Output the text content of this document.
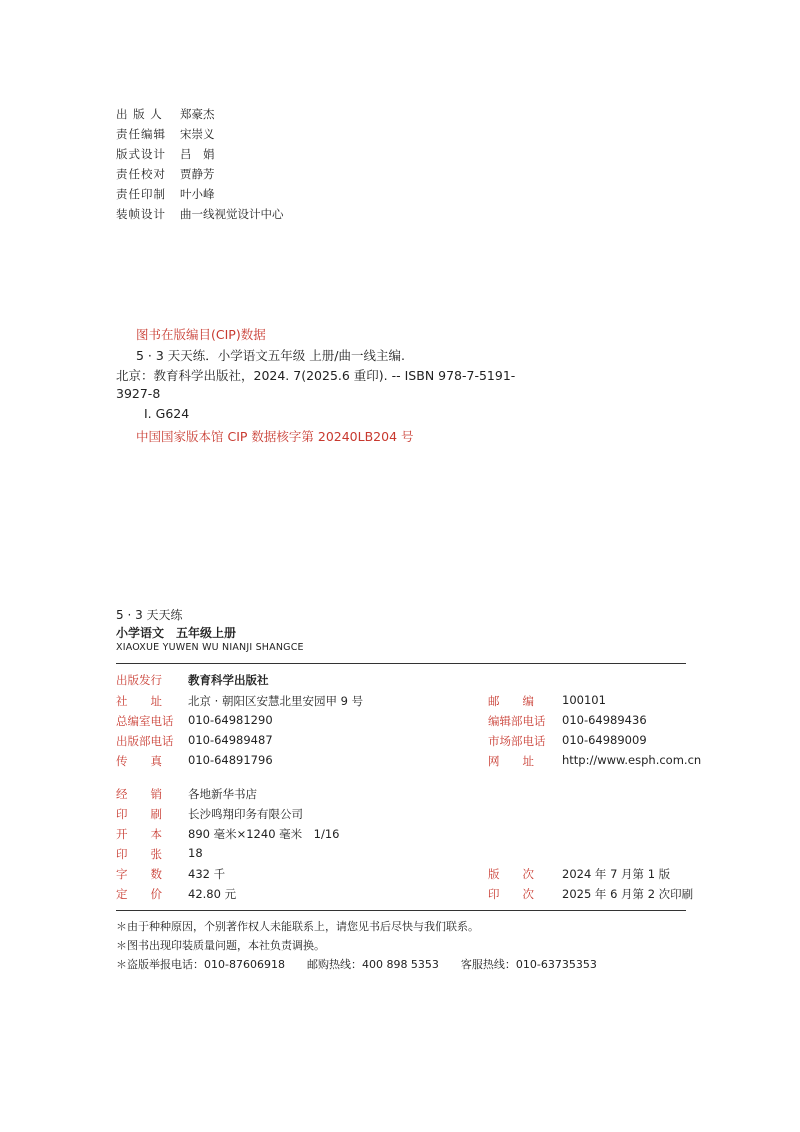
出 版 人 郑豪杰
责任编辑 宋崇义
版式设计 吕　娟
责任校对 贾静芳
责任印制 叶小峰
装帧设计 曲一线视觉设计中心
图书在版编目(CIP)数据
5 · 3 天天练．小学语文五年级 上册/曲一线主编.
北京：教育科学出版社，2024. 7(2025.6 重印). -- ISBN 978-7-5191-
3927-8
Ⅰ. G624
中国国家版本馆 CIP 数据核字第 20240LB204 号
5 · 3 天天练
小学语文　五年级上册
XIAOXUE YUWEN WU NIANJI SHANGCE
出版发行 教育科学出版社
社　　址 北京 · 朝阳区安慧北里安园甲 9 号
总编室电话 010-64981290
出版部电话 010-64989487
传　　真 010-64891796
邮　　编 100101
编辑部电话 010-64989436
市场部电话 010-64989009
网　　址 http://www.esph.com.cn
经　　销 各地新华书店
印　　刷 长沙鸣翔印务有限公司
开　　本 890 毫米×1240 毫米　1/16
印　　张 18
字　　数 432 千
定　　价 42.80 元
版　　次 2024 年 7 月第 1 版
印　　次 2025 年 6 月第 2 次印刷
＊由于种种原因，个别著作权人未能联系上，请您见书后尽快与我们联系。
＊图书出现印装质量问题，本社负责调换。
＊盗版举报电话：010-87606918　　邮购热线：400 898 5353　　客服热线：010-63735353
